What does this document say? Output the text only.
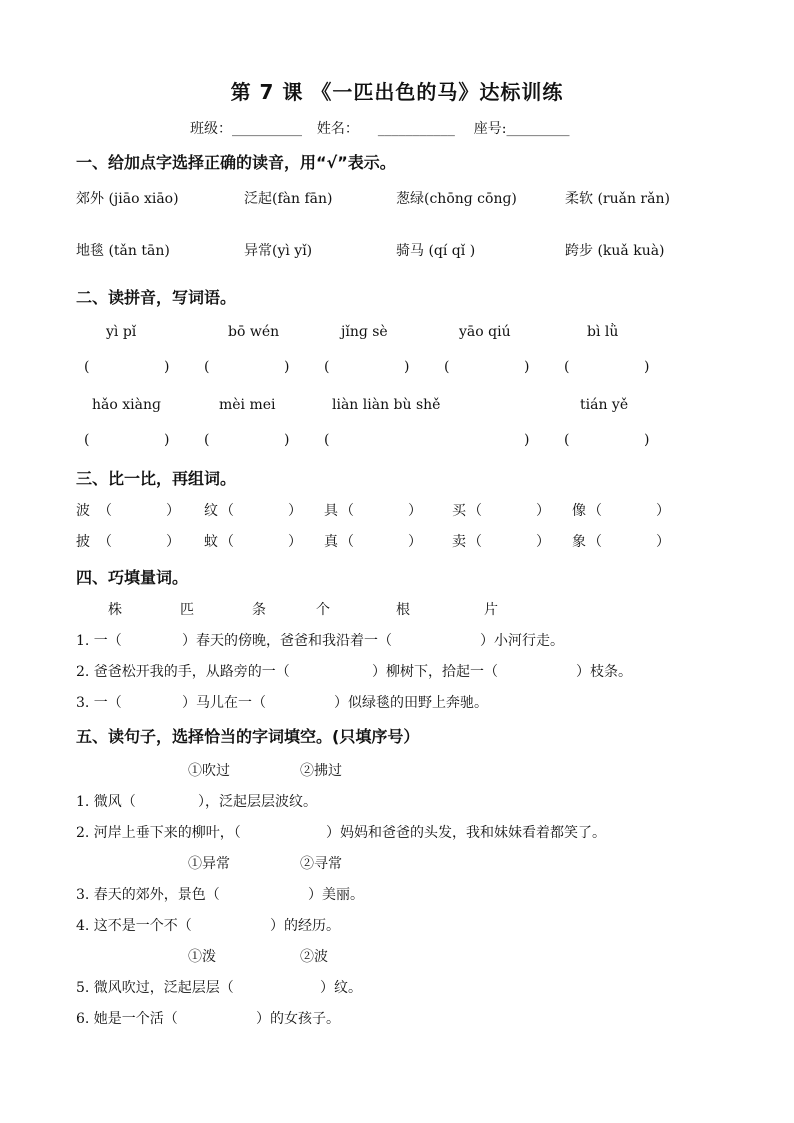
第 7 课 《一匹出色的马》达标训练
班级：__________ 姓名： ___________ 座号:_________
一、给加点字选择正确的读音，用“√”表示。
郊外 (jiāo xiāo)	泛起(fàn fān)	葱绿(chōnɡ cōnɡ)	柔软 (ruǎn rǎn)
地毯 (tǎn tān)	异常(yì yǐ)	骑马 (qí qǐ )	跨步 (kuǎ kuà)
二、读拼音，写词语。
yì pǐ	bō wén	jǐnɡ sè	yāo qiú	bì lǜ
(	) (	) (	) (	) (	)
hǎo xiànɡ	mèi mei	liàn liàn bù shě	tián yě
(	) (	) (	) (	)
三、比一比，再组词。
波 （	） 纹 （	） 具 （	） 买 （	） 像 （	）
披 （	） 蚊 （	） 真 （	） 卖 （	） 象 （	）
四、巧填量词。
株	匹	条	个	根	片
1. 一（	）春天的傍晚，爸爸和我沿着一（	）小河行走。
2. 爸爸松开我的手，从路旁的一（	）柳树下，拾起一（	）枝条。
3. 一（	）马儿在一（	）似绿毯的田野上奔驰。
五、读句子，选择恰当的字词填空。(只填序号）
①吹过	②拂过
1. 微风（	），泛起层层波纹。
2. 河岸上垂下来的柳叶，（	）妈妈和爸爸的头发，我和妹妹看着都笑了。
①异常	②寻常
3. 春天的郊外，景色（	）美丽。
4. 这不是一个不（	）的经历。
①泼	②波
5. 微风吹过，泛起层层（	）纹。
6. 她是一个活（	）的女孩子。
